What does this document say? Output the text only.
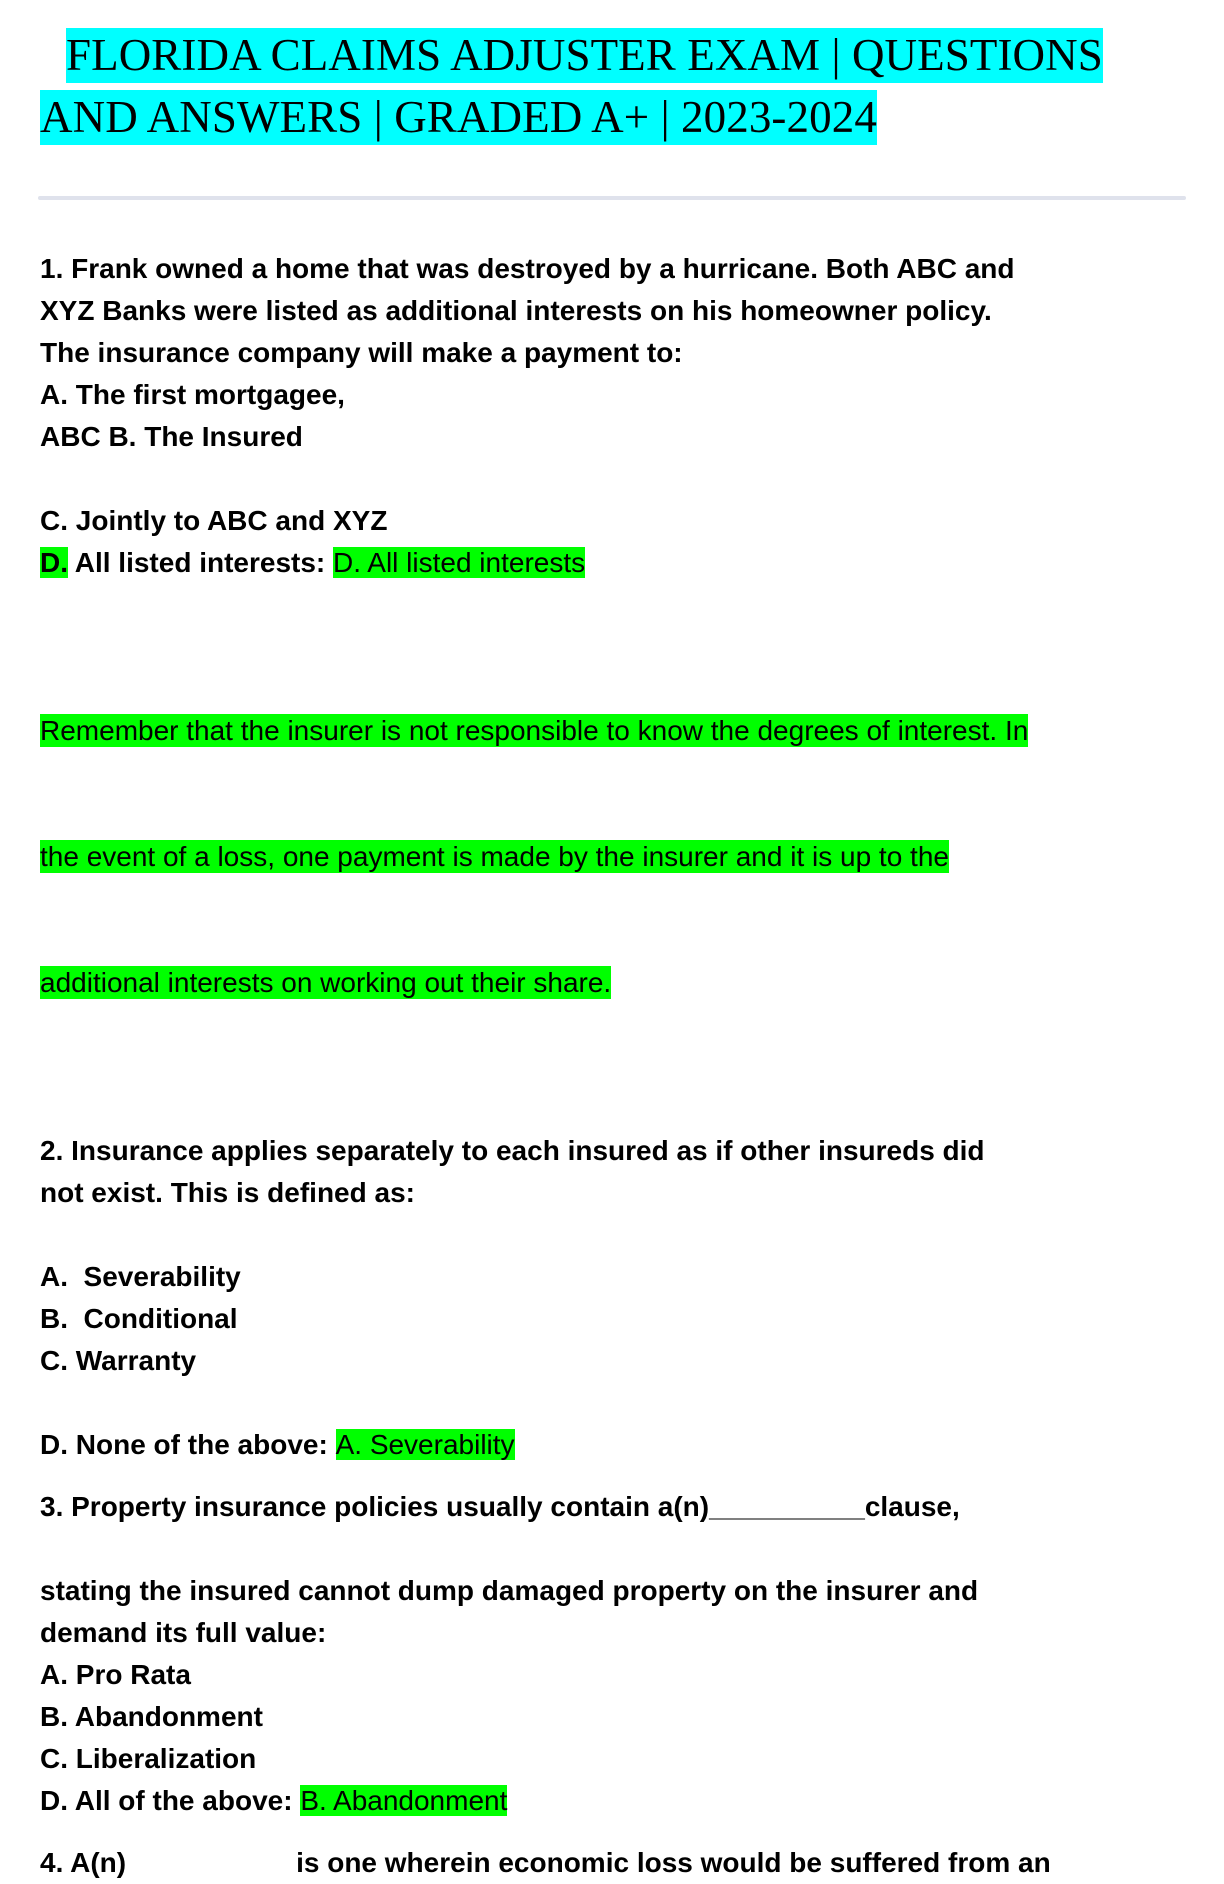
FLORIDA CLAIMS ADJUSTER EXAM | QUESTIONS
AND ANSWERS | GRADED A+ | 2023-2024
1. Frank owned a home that was destroyed by a hurricane. Both ABC and
XYZ Banks were listed as additional interests on his homeowner policy.
The insurance company will make a payment to:
A. The first mortgagee,
ABC B. The Insured
C. Jointly to ABC and XYZ
D. All listed interests: D. All listed interests

Remember that the insurer is not responsible to know the degrees of interest. In

the event of a loss, one payment is made by the insurer and it is up to the

additional interests on working out their share.

2. Insurance applies separately to each insured as if other insureds did
not exist. This is defined as:
A.  Severability
B.  Conditional
C. Warranty
D. None of the above: A. Severability
3. Property insurance policies usually contain a(n)__________clause,
stating the insured cannot dump damaged property on the insurer and
demand its full value:
A. Pro Rata
B. Abandonment
C. Liberalization
D. All of the above: B. Abandonment
4. A(n)	is one wherein economic loss would be suffered from an
